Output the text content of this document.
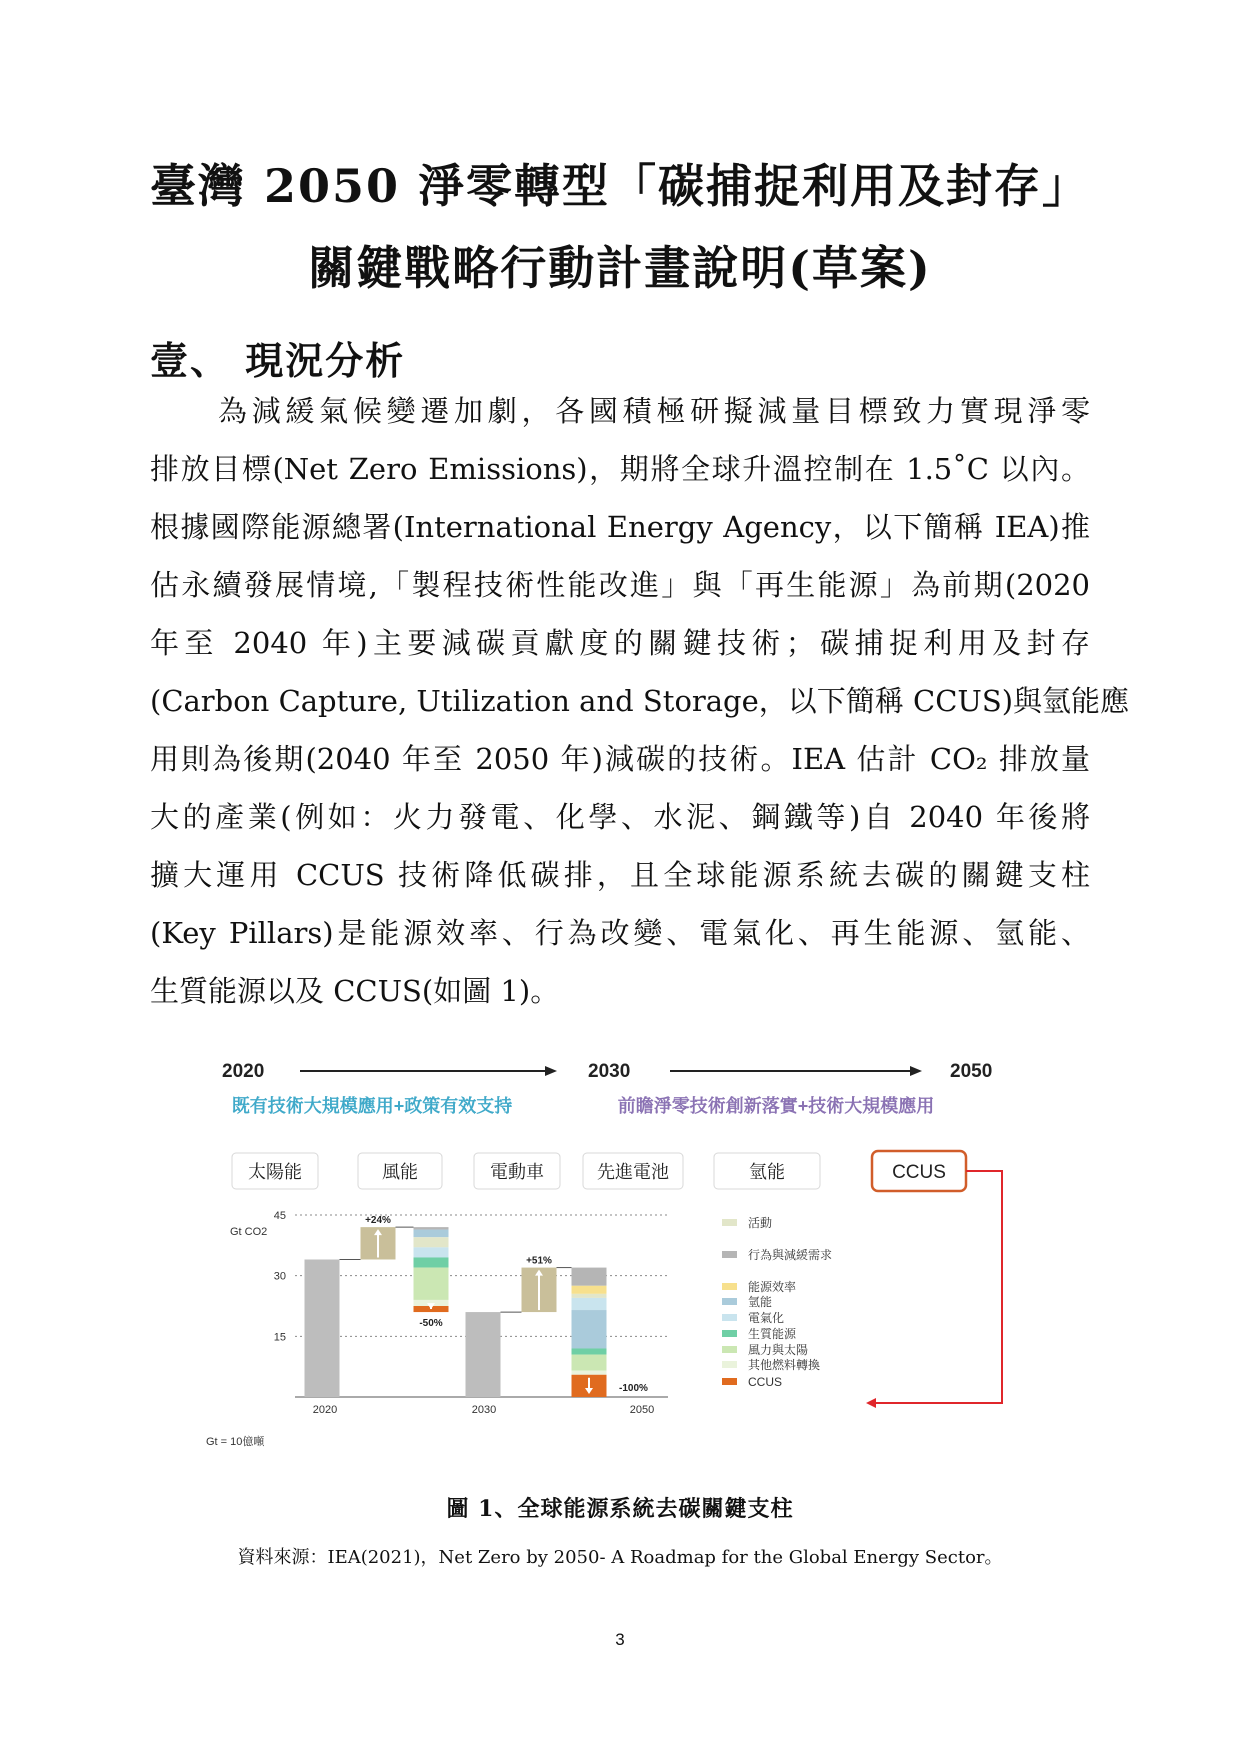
臺灣 2050 淨零轉型「碳捕捉利用及封存」
關鍵戰略行動計畫說明(草案)
壹、 現況分析
為減緩氣候變遷加劇，各國積極研擬減量目標致力實現淨零
排放目標(Net Zero Emissions)，期將全球升溫控制在 1.5˚C 以內。
根據國際能源總署(International Energy Agency，以下簡稱 IEA)推
估永續發展情境,「製程技術性能改進」與「再生能源」為前期(2020
年至 2040 年)主要減碳貢獻度的關鍵技術；碳捕捉利用及封存
(Carbon Capture, Utilization and Storage，以下簡稱 CCUS)與氫能應
用則為後期(2040 年至 2050 年)減碳的技術。IEA 估計 CO₂ 排放量
大的產業(例如：火力發電、化學、水泥、鋼鐵等)自 2040 年後將
擴大運用 CCUS 技術降低碳排，且全球能源系統去碳的關鍵支柱
(Key Pillars)是能源效率、行為改變、電氣化、再生能源、氫能、
生質能源以及 CCUS(如圖 1)。
2020	2030	2050
既有技術大規模應用+政策有效支持	前瞻淨零技術創新落實+技術大規模應用
太陽能	風能	電動車	先進電池	氫能	CCUS
Gt CO2
Gt = 10億噸
15
30
45
2020	2030	2050
+24%
-50%
+51%
-100%
活動
行為與減緩需求
能源效率
氫能
電氣化
生質能源
風力與太陽
其他燃料轉換
CCUS
圖 1、全球能源系統去碳關鍵支柱
資料來源：IEA(2021)，Net Zero by 2050- A Roadmap for the Global Energy Sector。
3
